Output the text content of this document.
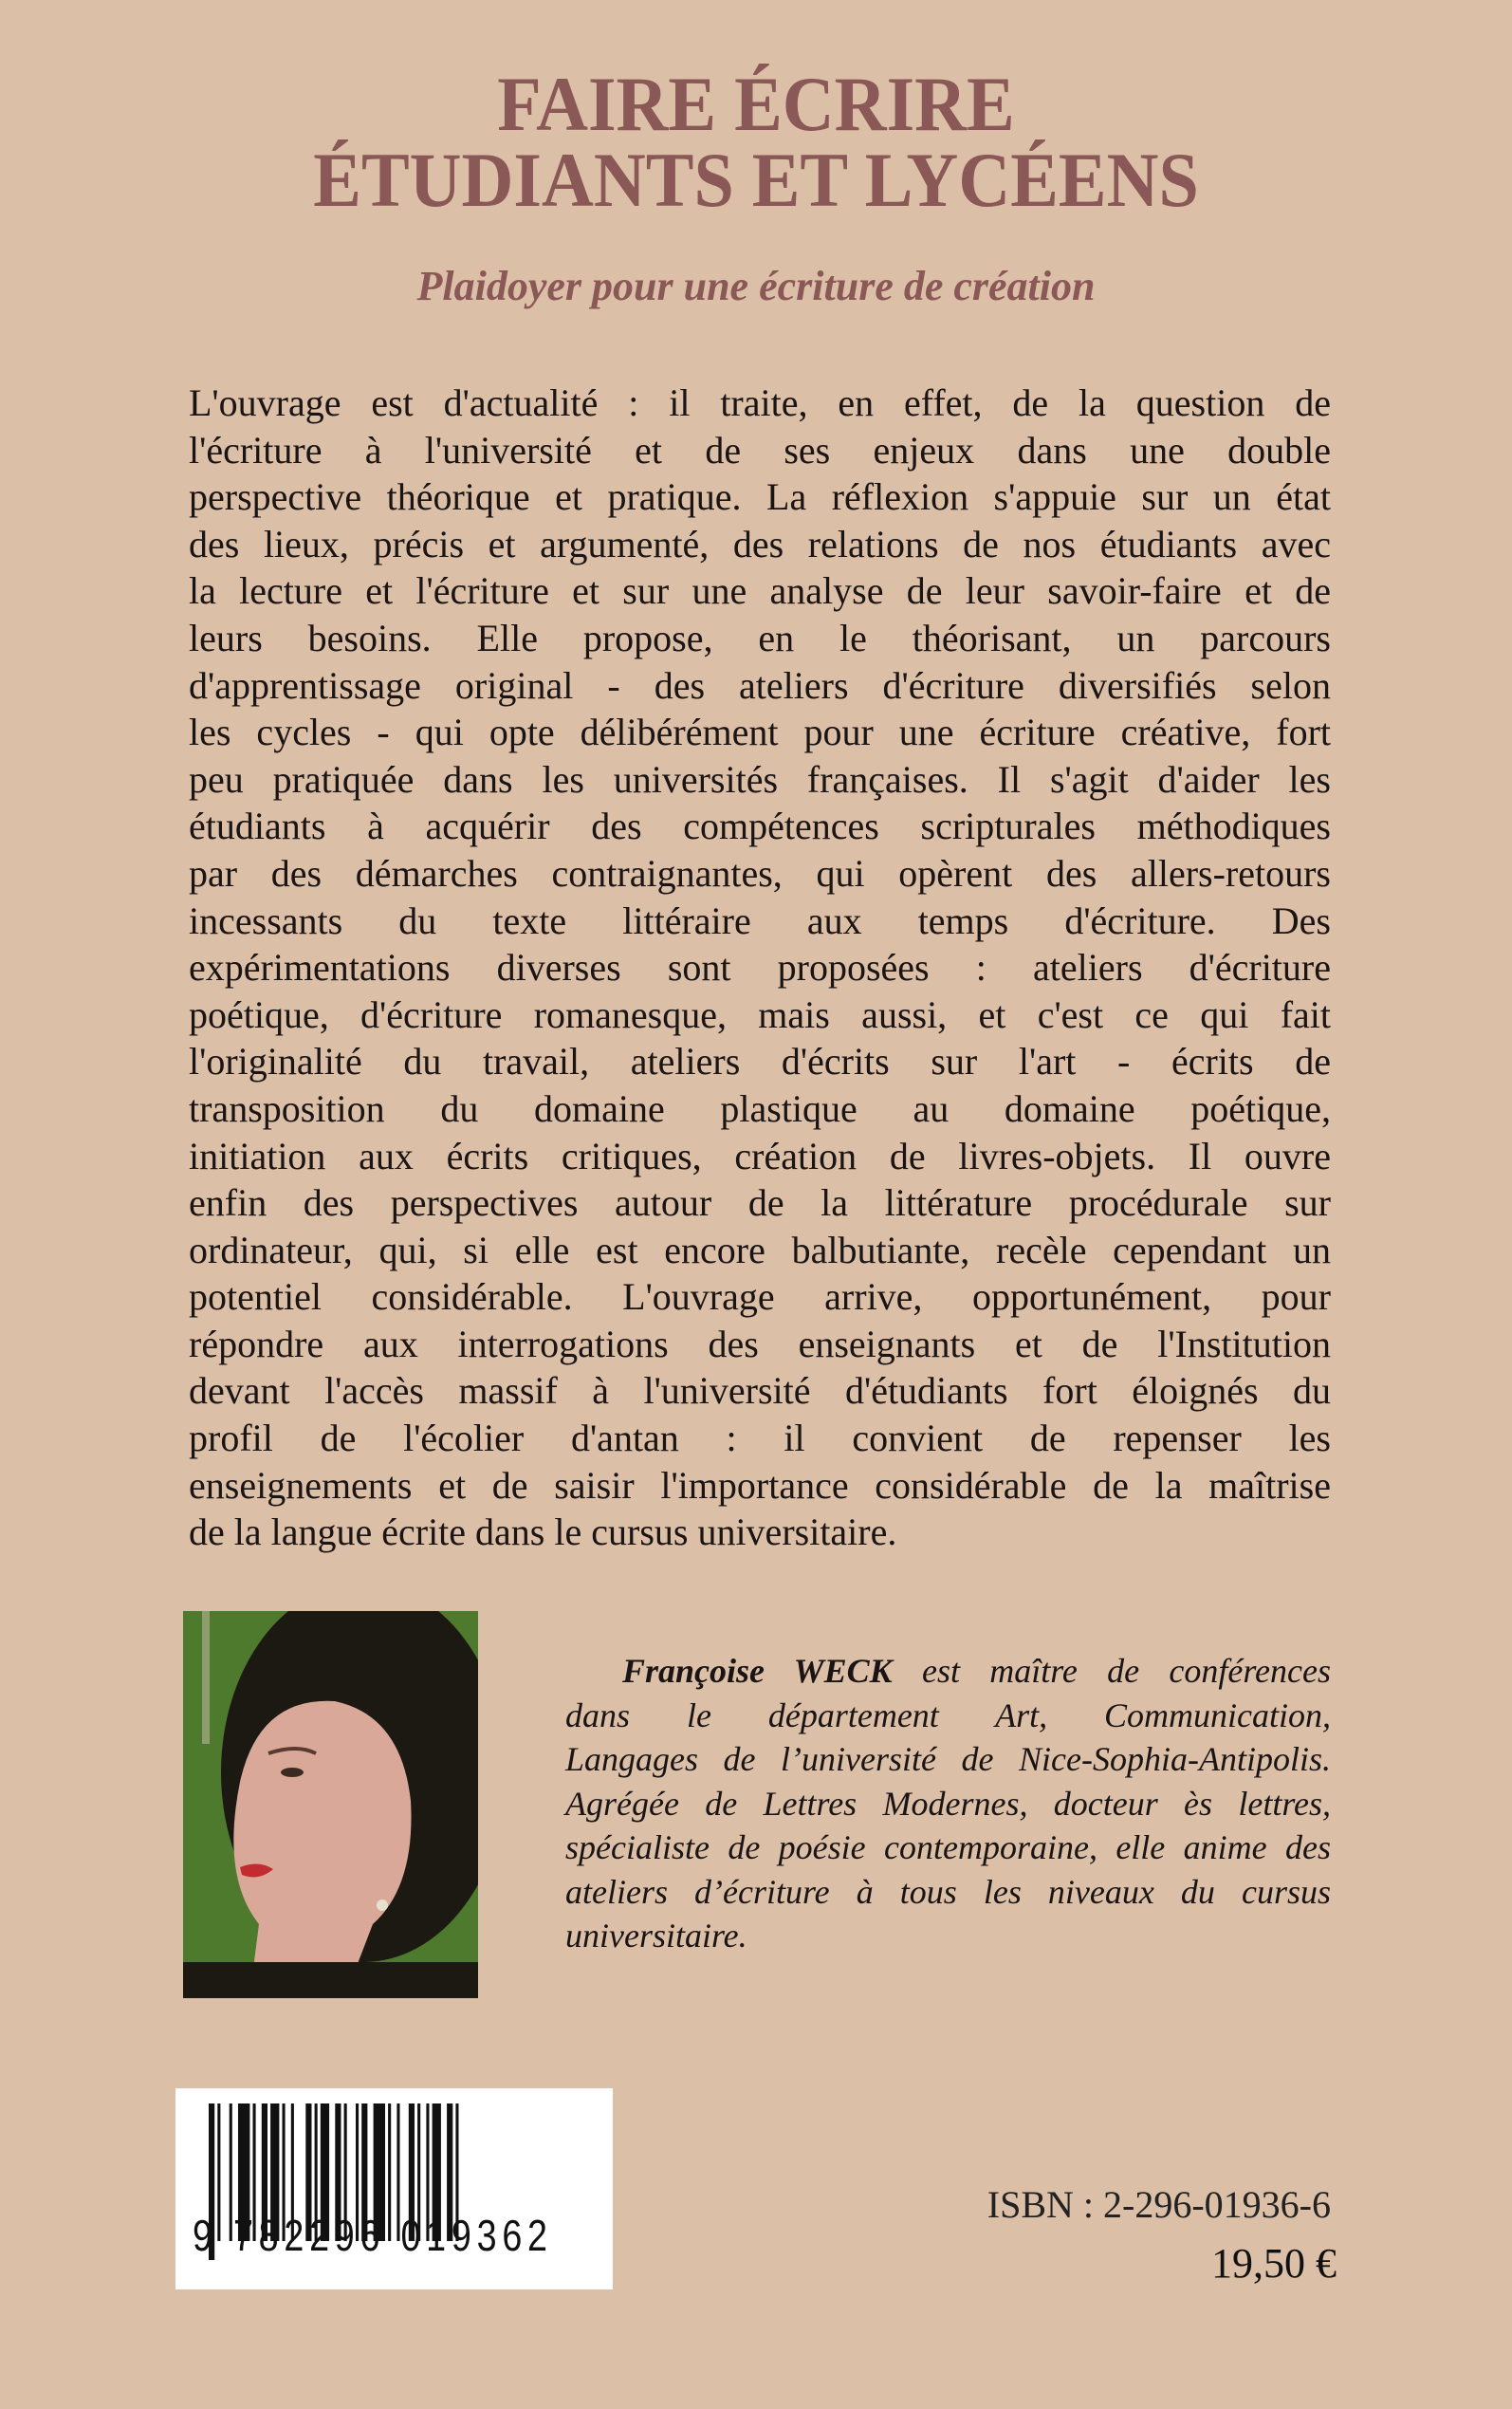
FAIRE ÉCRIRE
ÉTUDIANTS ET LYCÉENS
Plaidoyer pour une écriture de création
L'ouvrage est d'actualité : il traite, en effet, de la question de
l'écriture à l'université et de ses enjeux dans une double
perspective théorique et pratique. La réflexion s'appuie sur un état
des lieux, précis et argumenté, des relations de nos étudiants avec
la lecture et l'écriture et sur une analyse de leur savoir-faire et de
leurs besoins. Elle propose, en le théorisant, un parcours
d'apprentissage original - des ateliers d'écriture diversifiés selon
les cycles - qui opte délibérément pour une écriture créative, fort
peu pratiquée dans les universités françaises. Il s'agit d'aider les
étudiants à acquérir des compétences scripturales méthodiques
par des démarches contraignantes, qui opèrent des allers-retours
incessants du texte littéraire aux temps d'écriture. Des
expérimentations diverses sont proposées : ateliers d'écriture
poétique, d'écriture romanesque, mais aussi, et c'est ce qui fait
l'originalité du travail, ateliers d'écrits sur l'art - écrits de
transposition du domaine plastique au domaine poétique,
initiation aux écrits critiques, création de livres-objets. Il ouvre
enfin des perspectives autour de la littérature procédurale sur
ordinateur, qui, si elle est encore balbutiante, recèle cependant un
potentiel considérable. L'ouvrage arrive, opportunément, pour
répondre aux interrogations des enseignants et de l'Institution
devant l'accès massif à l'université d'étudiants fort éloignés du
profil de l'écolier d'antan : il convient de repenser les
enseignements et de saisir l'importance considérable de la maîtrise
de la langue écrite dans le cursus universitaire.
Françoise WECK est maître de conférences
dans le département Art, Communication,
Langages de l’université de Nice-Sophia-Antipolis.
Agrégée de Lettres Modernes, docteur ès lettres,
spécialiste de poésie contemporaine, elle anime des
ateliers d’écriture à tous les niveaux du cursus
universitaire.
9 782296 019362
ISBN : 2-296-01936-6
19,50 €
